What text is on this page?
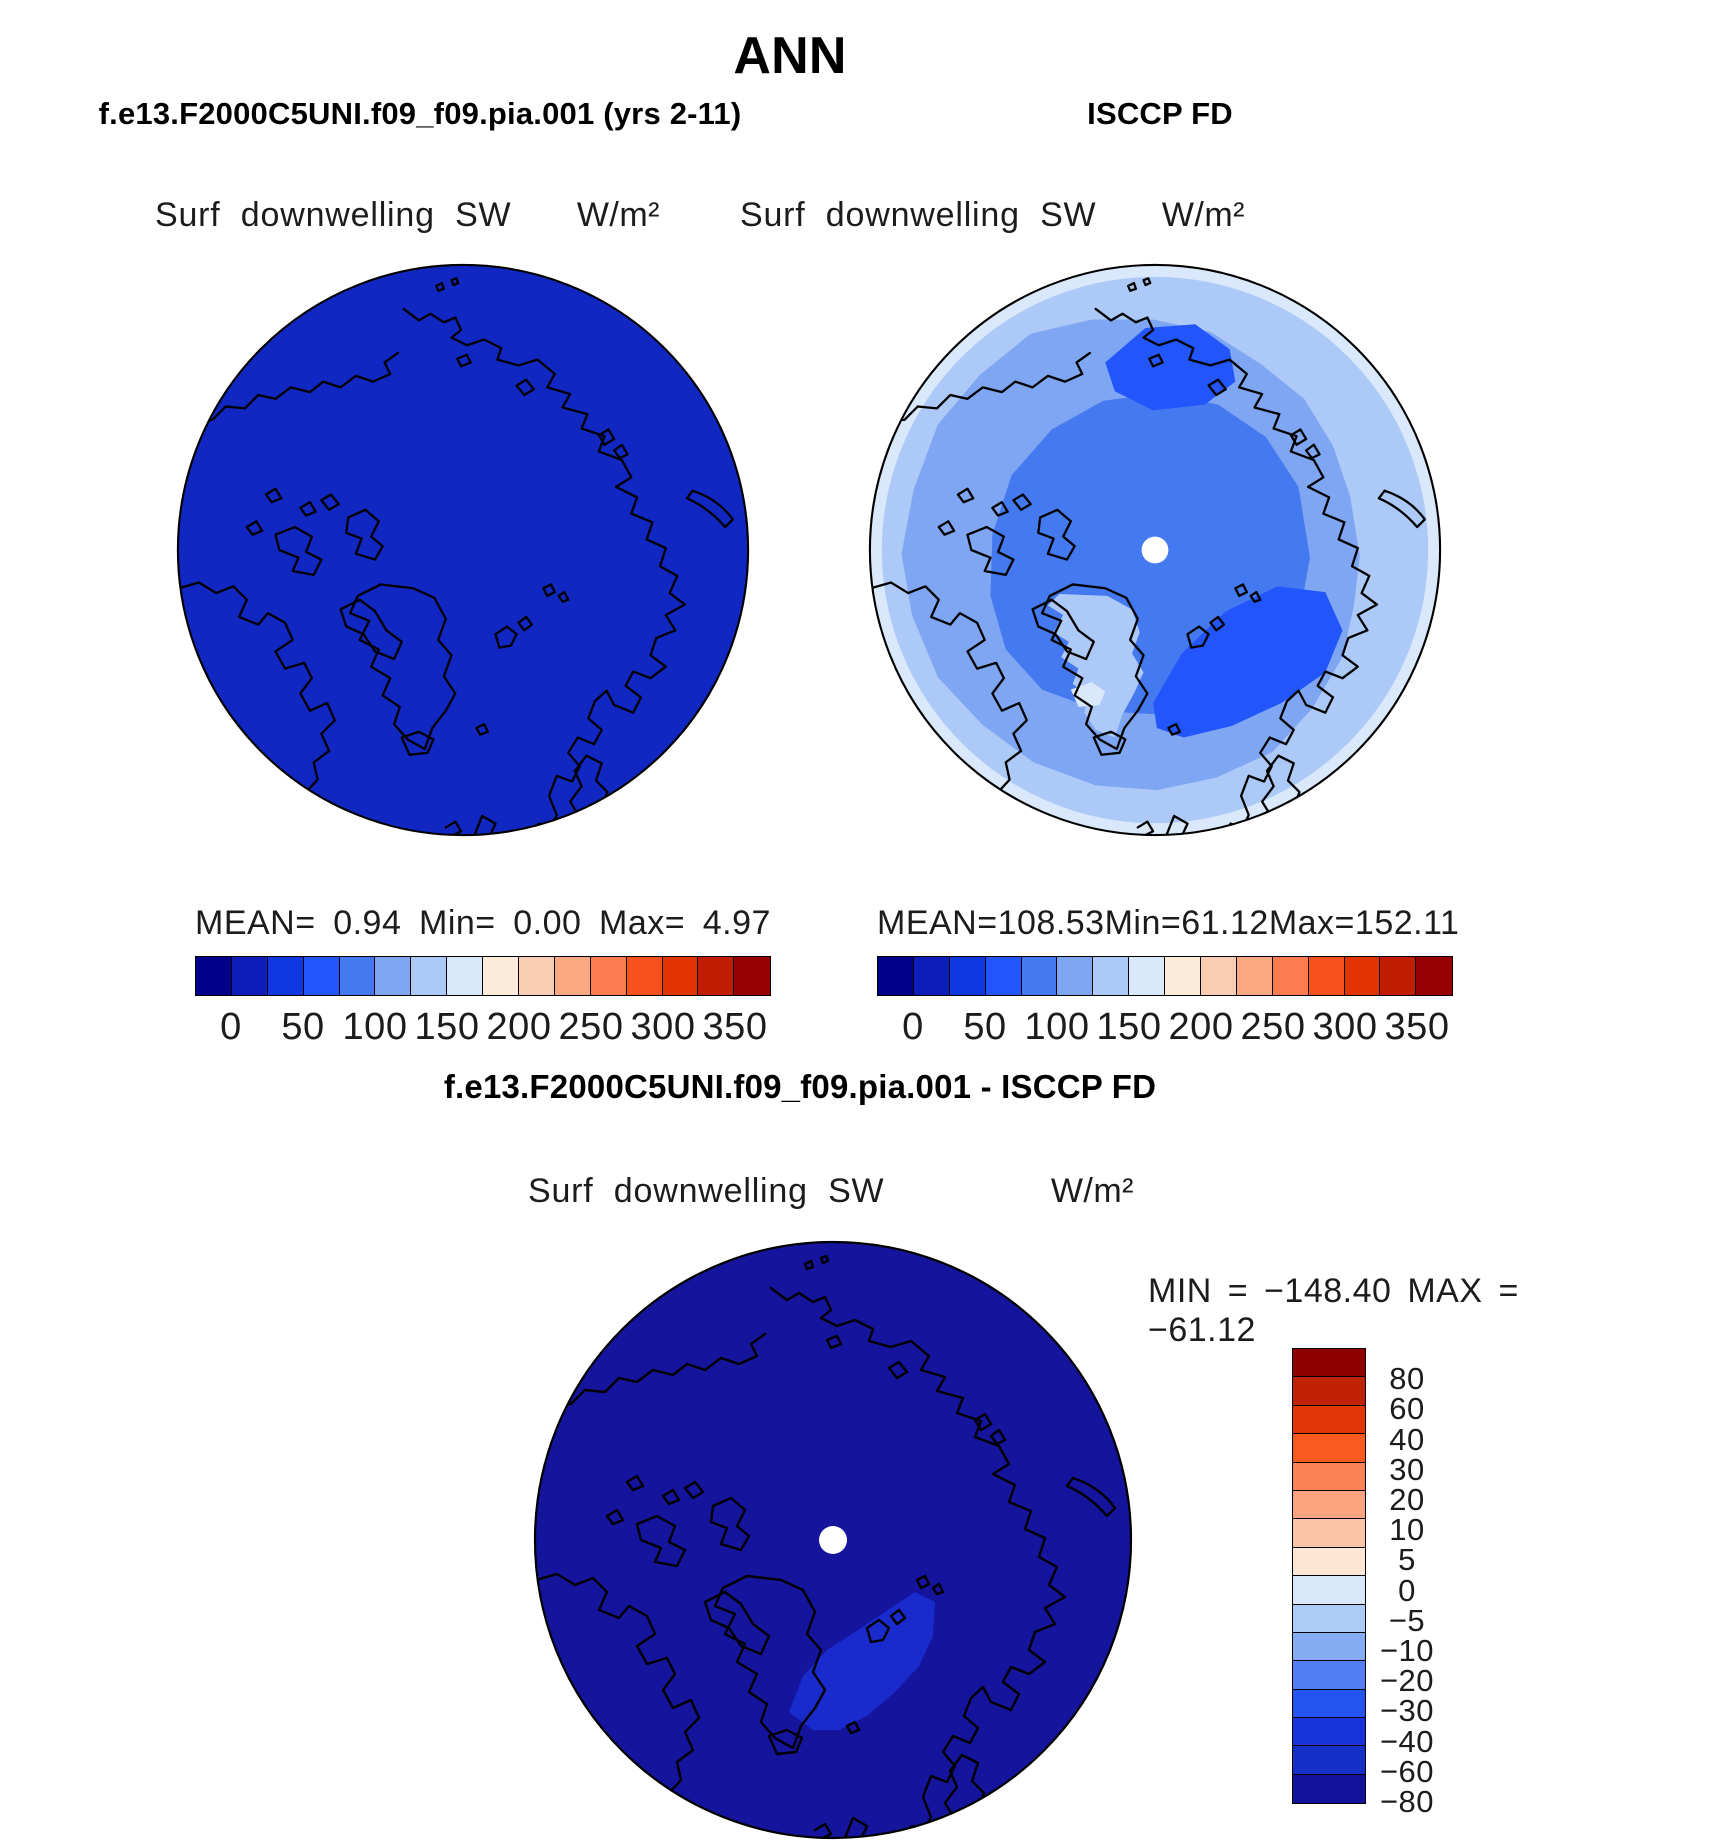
ANN
f.e13.F2000C5UNI.f09_f09.pia.001 (yrs 2-11)	ISCCP FD
Surf downwelling SW	W/m² Surf downwelling SW	W/m²
MEAN= 0.94 Min= 0.00 Max= 4.97	MEAN= 108.53 Min= 61.12 Max= 152.11
0	50 100 150 200 250 300 350	0	50 100 150 200 250 300 350
f.e13.F2000C5UNI.f09_f09.pia.001 - ISCCP FD
Surf downwelling SW	W/m²
MIN = −148.40 MAX = −61.12
80
60
40
30
20
10
5
0
−5
−10
−20
−30
−40
−60
−80
